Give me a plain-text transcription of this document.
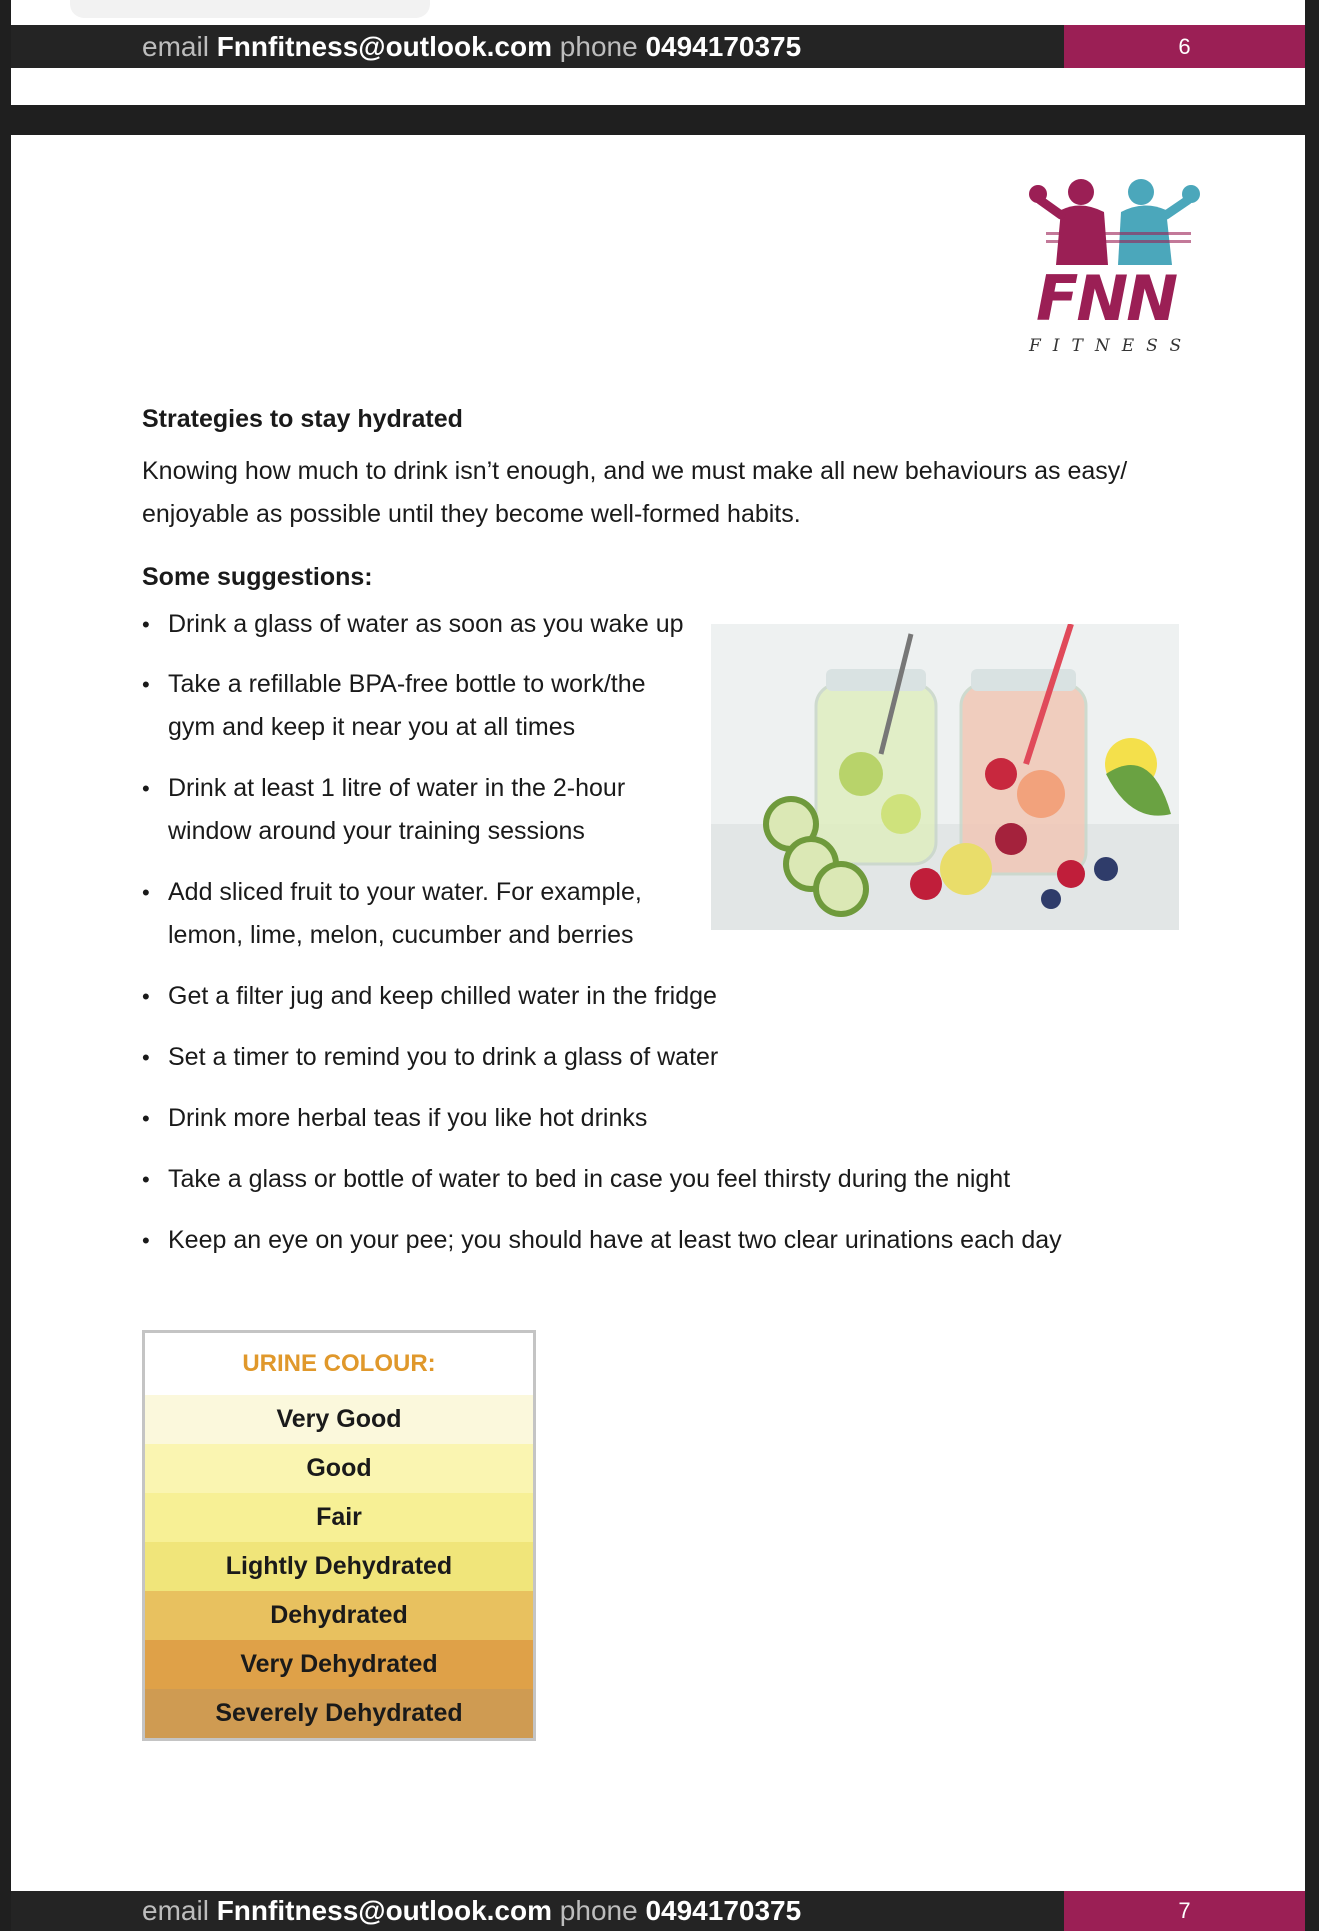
email Fnnfitness@outlook.com phone 0494170375	6
FNN
FITNESS
Strategies to stay hydrated
Knowing how much to drink isn’t enough, and we must make all new behaviours as easy/ enjoyable as possible until they become well-formed habits.
Some suggestions:
• Drink a glass of water as soon as you wake up
• Take a refillable BPA-free bottle to work/the gym and keep it near you at all times
• Drink at least 1 litre of water in the 2-hour window around your training sessions
• Add sliced fruit to your water. For example, lemon, lime, melon, cucumber and berries
• Get a filter jug and keep chilled water in the fridge
• Set a timer to remind you to drink a glass of water
• Drink more herbal teas if you like hot drinks
• Take a glass or bottle of water to bed in case you feel thirsty during the night
• Keep an eye on your pee; you should have at least two clear urinations each day
URINE COLOUR:
Very Good
Good
Fair
Lightly Dehydrated
Dehydrated
Very Dehydrated
Severely Dehydrated
email Fnnfitness@outlook.com phone 0494170375	7
